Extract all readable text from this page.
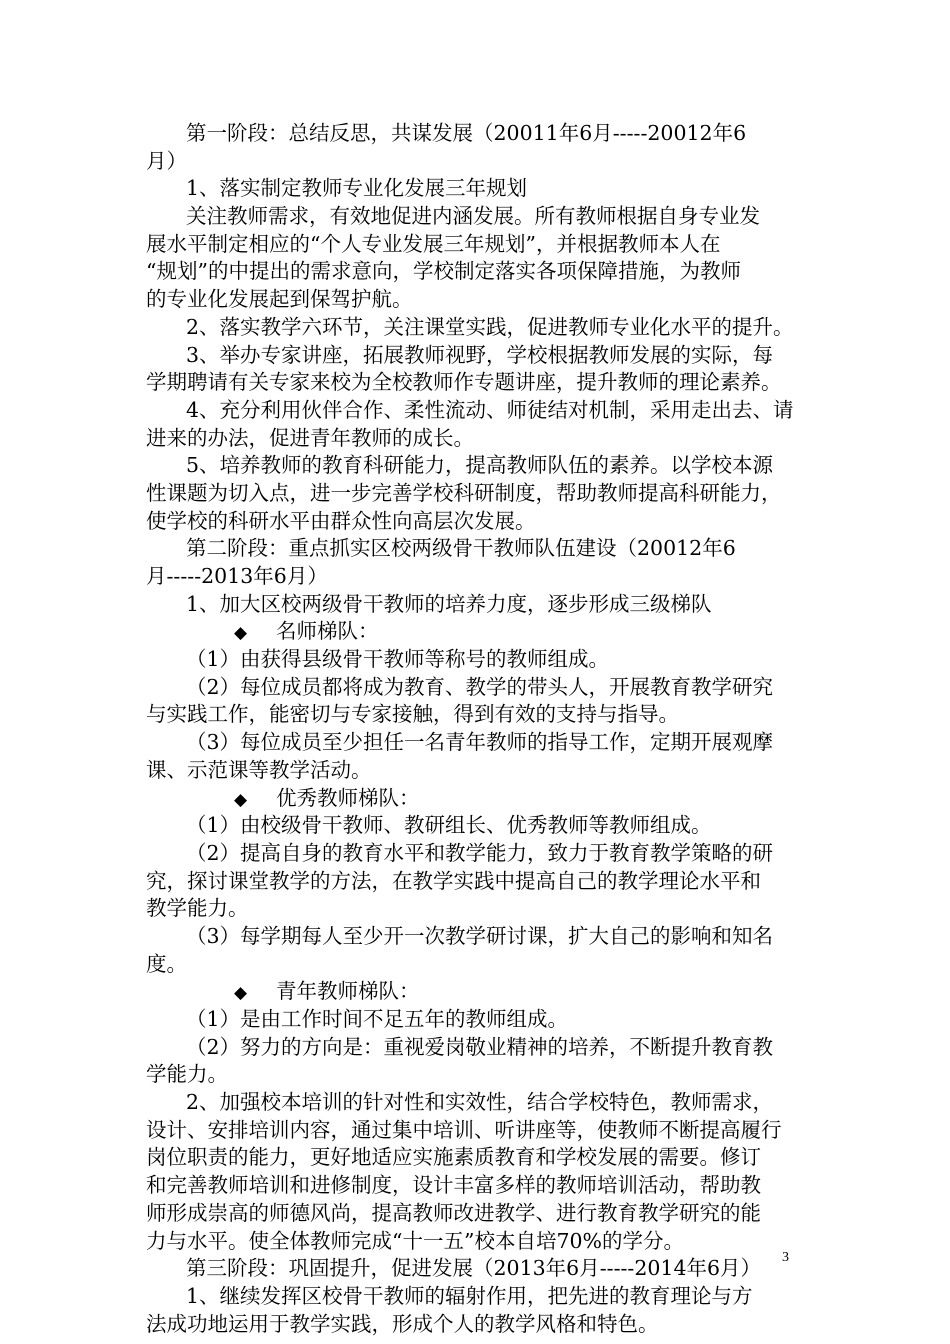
第一阶段：总结反思，共谋发展（20011年6月-----20012年6
月）
1、落实制定教师专业化发展三年规划
关注教师需求，有效地促进内涵发展。所有教师根据自身专业发
展水平制定相应的“个人专业发展三年规划”，并根据教师本人在
“规划”的中提出的需求意向，学校制定落实各项保障措施，为教师
的专业化发展起到保驾护航。
2、落实教学六环节，关注课堂实践，促进教师专业化水平的提升。
3、举办专家讲座，拓展教师视野，学校根据教师发展的实际，每
学期聘请有关专家来校为全校教师作专题讲座，提升教师的理论素养。
4、充分利用伙伴合作、柔性流动、师徒结对机制，采用走出去、请
进来的办法，促进青年教师的成长。
5、培养教师的教育科研能力，提高教师队伍的素养。以学校本源
性课题为切入点，进一步完善学校科研制度，帮助教师提高科研能力，
使学校的科研水平由群众性向高层次发展。
第二阶段：重点抓实区校两级骨干教师队伍建设（20012年6
月-----2013年6月）
1、加大区校两级骨干教师的培养力度，逐步形成三级梯队
◆ 名师梯队：
（1）由获得县级骨干教师等称号的教师组成。
（2）每位成员都将成为教育、教学的带头人，开展教育教学研究
与实践工作，能密切与专家接触，得到有效的支持与指导。
（3）每位成员至少担任一名青年教师的指导工作，定期开展观摩
课、示范课等教学活动。
◆ 优秀教师梯队：
（1）由校级骨干教师、教研组长、优秀教师等教师组成。
（2）提高自身的教育水平和教学能力，致力于教育教学策略的研
究，探讨课堂教学的方法，在教学实践中提高自己的教学理论水平和
教学能力。
（3）每学期每人至少开一次教学研讨课，扩大自己的影响和知名
度。
◆ 青年教师梯队：
（1）是由工作时间不足五年的教师组成。
（2）努力的方向是：重视爱岗敬业精神的培养，不断提升教育教
学能力。
2、加强校本培训的针对性和实效性，结合学校特色，教师需求，
设计、安排培训内容，通过集中培训、听讲座等，使教师不断提高履行
岗位职责的能力，更好地适应实施素质教育和学校发展的需要。修订
和完善教师培训和进修制度，设计丰富多样的教师培训活动，帮助教
师形成崇高的师德风尚，提高教师改进教学、进行教育教学研究的能
力与水平。使全体教师完成“十一五”校本自培70%的学分。
第三阶段：巩固提升，促进发展（2013年6月-----2014年6月）
1、继续发挥区校骨干教师的辐射作用，把先进的教育理论与方
法成功地运用于教学实践，形成个人的教学风格和特色。
3
